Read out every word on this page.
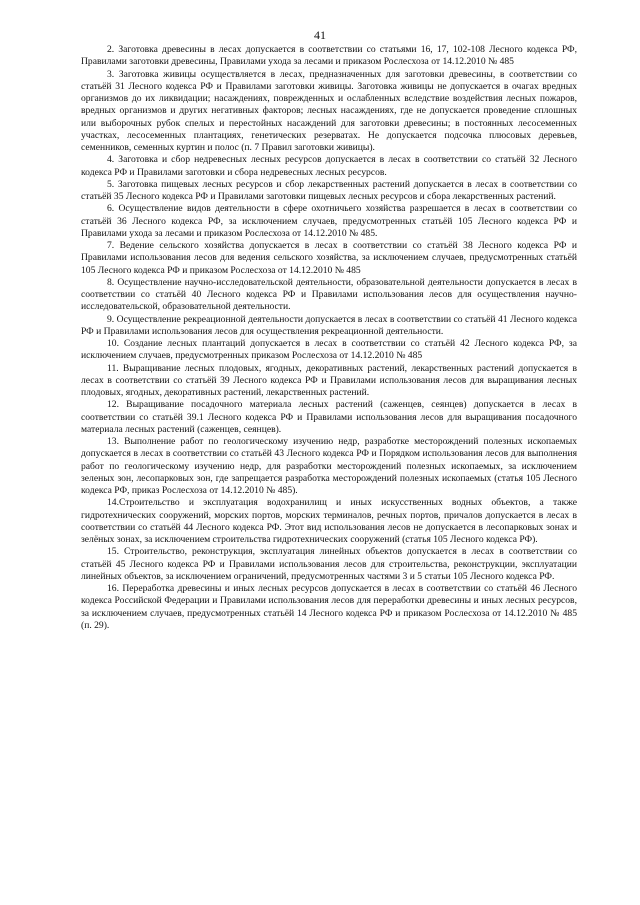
41

2. Заготовка древесины в лесах допускается в соответствии со статьями 16, 17, 102-108 Лесного кодекса РФ, Правилами заготовки древесины, Правилами ухода за лесами и приказом Рослесхоза от 14.12.2010 № 485

3. Заготовка живицы осуществляется в лесах, предназначенных для заготовки древесины, в соответствии со статьёй 31 Лесного кодекса РФ и Правилами заготовки живицы. Заготовка живицы не допускается в очагах вредных организмов до их ликвидации; насаждениях, поврежденных и ослабленных вследствие воздействия лесных пожаров, вредных организмов и других негативных факторов; лесных насаждениях, где не допускается проведение сплошных или выборочных рубок спелых и перестойных насаждений для заготовки древесины; в постоянных лесосеменных участках, лесосеменных плантациях, генетических резерватах. Не допускается подсочка плюсовых деревьев, семенников, семенных куртин и полос (п. 7 Правил заготовки живицы).

4. Заготовка и сбор недревесных лесных ресурсов допускается в лесах в соответствии со статьёй 32 Лесного кодекса РФ и Правилами заготовки и сбора недревесных лесных ресурсов.

5. Заготовка пищевых лесных ресурсов и сбор лекарственных растений допускается в лесах в соответствии со статьёй 35 Лесного кодекса РФ и Правилами заготовки пищевых лесных ресурсов и сбора лекарственных растений.

6. Осуществление видов деятельности в сфере охотничьего хозяйства разрешается в лесах в соответствии со статьёй 36 Лесного кодекса РФ, за исключением случаев, предусмотренных статьёй 105 Лесного кодекса РФ и Правилами ухода за лесами и приказом Рослесхоза от 14.12.2010 № 485.

7. Ведение сельского хозяйства допускается в лесах в соответствии со статьёй 38 Лесного кодекса РФ и Правилами использования лесов для ведения сельского хозяйства, за исключением случаев, предусмотренных статьёй 105 Лесного кодекса РФ и приказом Рослесхоза от 14.12.2010 № 485

8. Осуществление научно-исследовательской деятельности, образовательной деятельности допускается в лесах в соответствии со статьёй 40 Лесного кодекса РФ и Правилами использования лесов для осуществления научно-исследовательской, образовательной деятельности.

9. Осуществление рекреационной деятельности допускается в лесах в соответствии со статьёй 41 Лесного кодекса РФ и Правилами использования лесов для осуществления рекреационной деятельности.

10. Создание лесных плантаций допускается в лесах в соответствии со статьёй 42 Лесного кодекса РФ, за исключением случаев, предусмотренных приказом Рослесхоза от 14.12.2010 № 485

11. Выращивание лесных плодовых, ягодных, декоративных растений, лекарственных растений допускается в лесах в соответствии со статьёй 39 Лесного кодекса РФ и Правилами использования лесов для выращивания лесных плодовых, ягодных, декоративных растений, лекарственных растений.

12. Выращивание посадочного материала лесных растений (саженцев, сеянцев) допускается в лесах в соответствии со статьёй 39.1 Лесного кодекса РФ и Правилами использования лесов для выращивания посадочного материала лесных растений (саженцев, сеянцев).

13. Выполнение работ по геологическому изучению недр, разработке месторождений полезных ископаемых допускается в лесах в соответствии со статьёй 43 Лесного кодекса РФ и Порядком использования лесов для выполнения работ по геологическому изучению недр, для разработки месторождений полезных ископаемых, за исключением зеленых зон, лесопарковых зон, где запрещается разработка месторождений полезных ископаемых (статья 105 Лесного кодекса РФ, приказ Рослесхоза от 14.12.2010 № 485).

14.Строительство и эксплуатация водохранилищ и иных искусственных водных объектов, а также гидротехнических сооружений, морских портов, морских терминалов, речных портов, причалов допускается в лесах в соответствии со статьёй 44 Лесного кодекса РФ. Этот вид использования лесов не допускается в лесопарковых зонах и зелёных зонах, за исключением строительства гидротехнических сооружений (статья 105 Лесного кодекса РФ).

15. Строительство, реконструкция, эксплуатация линейных объектов допускается в лесах в соответствии со статьёй 45 Лесного кодекса РФ и Правилами использования лесов для строительства, реконструкции, эксплуатации линейных объектов, за исключением ограничений, предусмотренных частями 3 и 5 статьи 105 Лесного кодекса РФ.

16. Переработка древесины и иных лесных ресурсов допускается в лесах в соответствии со статьёй 46 Лесного кодекса Российской Федерации и Правилами использования лесов для переработки древесины и иных лесных ресурсов, за исключением случаев, предусмотренных статьёй 14 Лесного кодекса РФ и приказом Рослесхоза от 14.12.2010 № 485 (п. 29).
